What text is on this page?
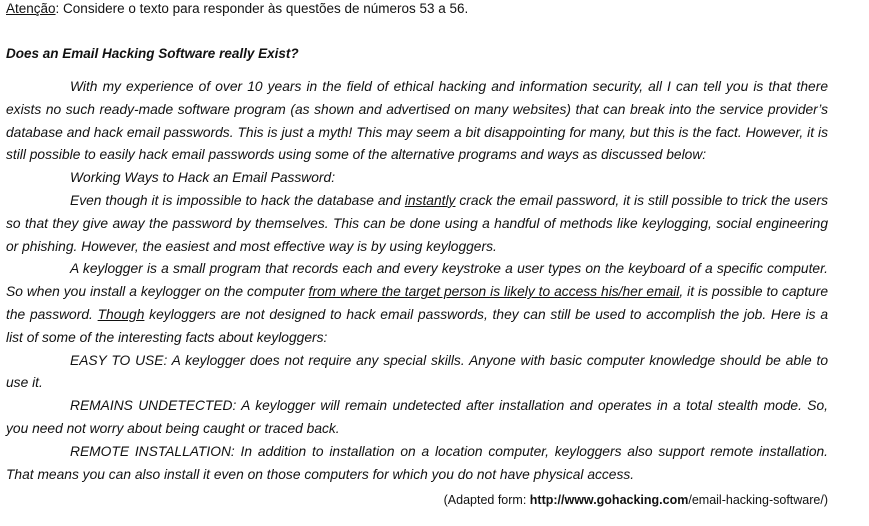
Atenção: Considere o texto para responder às questões de números 53 a 56.
Does an Email Hacking Software really Exist?

With my experience of over 10 years in the field of ethical hacking and information security, all I can tell you is that there exists no such ready-made software program (as shown and advertised on many websites) that can break into the service provider’s database and hack email passwords. This is just a myth! This may seem a bit disappointing for many, but this is the fact. However, it is still possible to easily hack email passwords using some of the alternative programs and ways as discussed below:

Working Ways to Hack an Email Password:

Even though it is impossible to hack the database and instantly crack the email password, it is still possible to trick the users so that they give away the password by themselves. This can be done using a handful of methods like keylogging, social engineering or phishing. However, the easiest and most effective way is by using keyloggers.

A keylogger is a small program that records each and every keystroke a user types on the keyboard of a specific computer. So when you install a keylogger on the computer from where the target person is likely to access his/her email, it is possible to capture the password. Though keyloggers are not designed to hack email passwords, they can still be used to accomplish the job. Here is a list of some of the interesting facts about keyloggers:

EASY TO USE: A keylogger does not require any special skills. Anyone with basic computer knowledge should be able to use it.

REMAINS UNDETECTED: A keylogger will remain undetected after installation and operates in a total stealth mode. So, you need not worry about being caught or traced back.

REMOTE INSTALLATION: In addition to installation on a location computer, keyloggers also support remote installation. That means you can also install it even on those computers for which you do not have physical access.

(Adapted form: http://www.gohacking.com/email-hacking-software/)
